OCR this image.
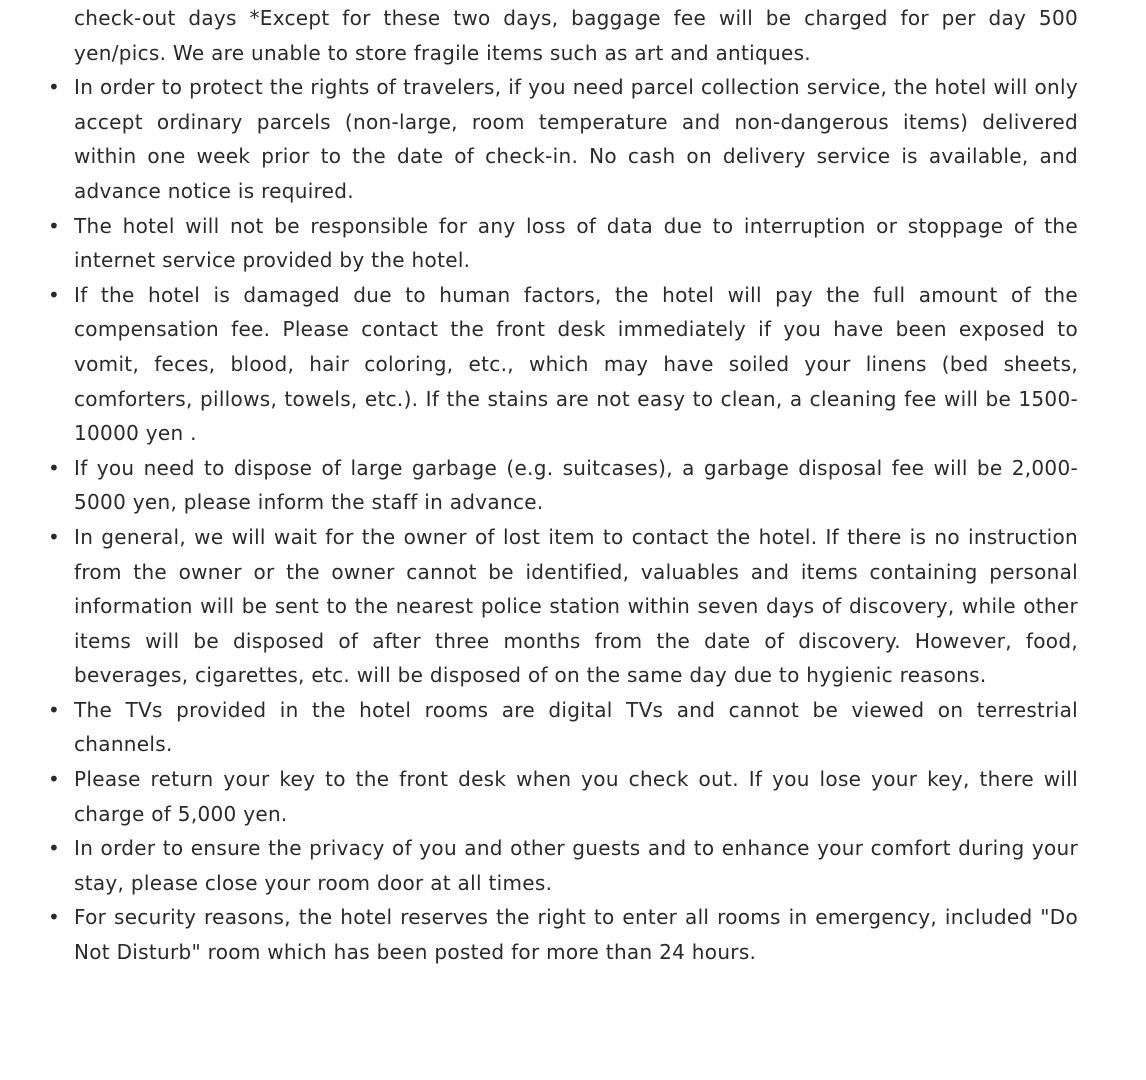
check-out days *Except for these two days, baggage fee will be charged for per day 500 yen/pics. We are unable to store fragile items such as art and antiques.

• In order to protect the rights of travelers, if you need parcel collection service, the hotel will only accept ordinary parcels (non-large, room temperature and non-dangerous items) delivered within one week prior to the date of check-in. No cash on delivery service is available, and advance notice is required.
• The hotel will not be responsible for any loss of data due to interruption or stoppage of the internet service provided by the hotel.
• If the hotel is damaged due to human factors, the hotel will pay the full amount of the compensation fee. Please contact the front desk immediately if you have been exposed to vomit, feces, blood, hair coloring, etc., which may have soiled your linens (bed sheets, comforters, pillows, towels, etc.). If the stains are not easy to clean, a cleaning fee will be 1500-10000 yen .
• If you need to dispose of large garbage (e.g. suitcases), a garbage disposal fee will be 2,000-5000 yen, please inform the staff in advance.
• In general, we will wait for the owner of lost item to contact the hotel. If there is no instruction from the owner or the owner cannot be identified, valuables and items containing personal information will be sent to the nearest police station within seven days of discovery, while other items will be disposed of after three months from the date of discovery. However, food, beverages, cigarettes, etc. will be disposed of on the same day due to hygienic reasons.
• The TVs provided in the hotel rooms are digital TVs and cannot be viewed on terrestrial channels.
• Please return your key to the front desk when you check out. If you lose your key, there will charge of 5,000 yen.
• In order to ensure the privacy of you and other guests and to enhance your comfort during your stay, please close your room door at all times.
• For security reasons, the hotel reserves the right to enter all rooms in emergency, included "Do Not Disturb" room which has been posted for more than 24 hours.
